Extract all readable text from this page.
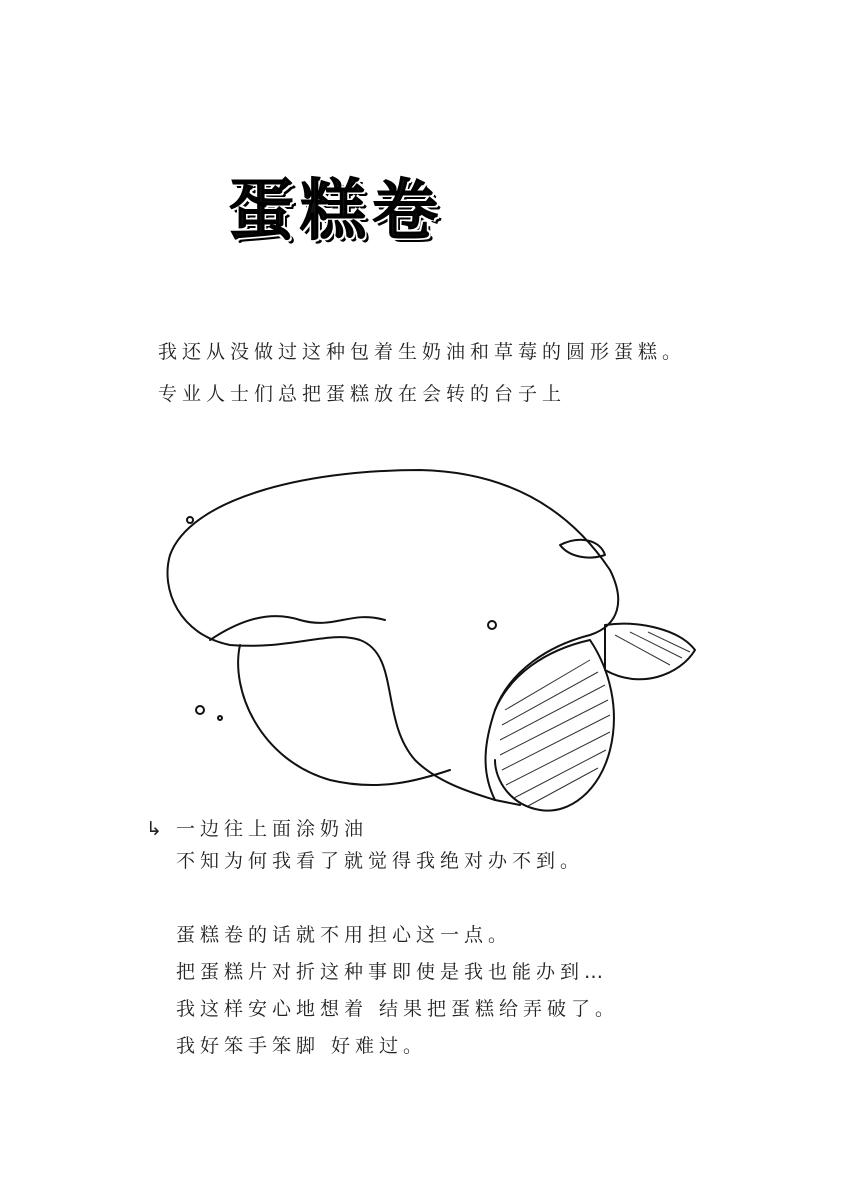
蛋糕卷
我还从没做过这种包着生奶油和草莓的圆形蛋糕。
专业人士们总把蛋糕放在会转的台子上
↳ 一边往上面涂奶油
不知为何我看了就觉得我绝对办不到。
蛋糕卷的话就不用担心这一点。
把蛋糕片对折这种事即使是我也能办到…
我这样安心地想着 结果把蛋糕给弄破了。
我好笨手笨脚 好难过。
